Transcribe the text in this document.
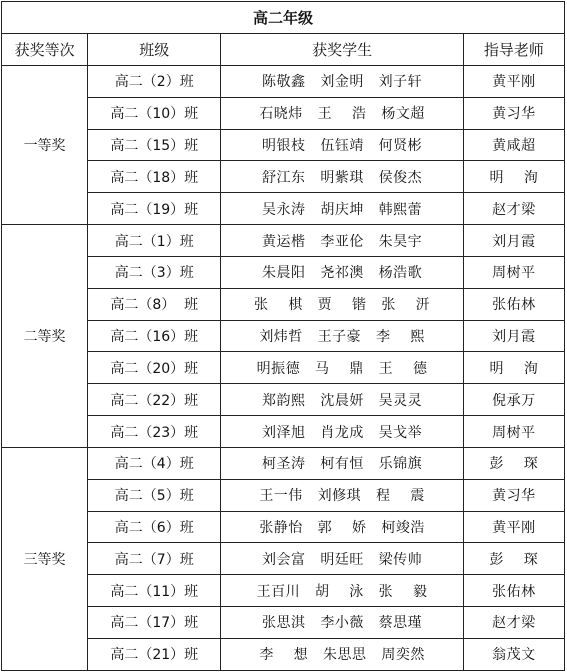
高二年级			
获奖等次	班级	获奖学生	指导老师
一等奖	高二（2）班	陈敬鑫   刘金明   刘子轩	黄平刚
	高二（10）班	石晓炜   王    浩   杨文超	黄习华
	高二（15）班	明银枝   伍钰靖   何贤彬	黄咸超
	高二（18）班	舒江东   明紫琪   侯俊杰	明    洵
	高二（19）班	吴永涛   胡庆坤   韩熙蕾	赵才梁
二等奖	高二（1）班	黄运楷   李亚伦   朱昊宇	刘月霞
	高二（3）班	朱晨阳   尧祁澳   杨浩歌	周树平
	高二（8）  班	张    棋   贾    锴   张    汧	张佑林
	高二（16）班	刘炜哲   王子豪   李    熙	刘月霞
	高二（20）班	明振德   马    鼎   王    德	明    洵
	高二（22）班	郑韵熙   沈晨妍   吴灵灵	倪承万
	高二（23）班	刘泽旭   肖龙成   吴戈举	周树平
三等奖	高二（4）班	柯圣涛   柯有恒   乐锦旗	彭    琛
	高二（5）班	王一伟   刘修琪   程    震	黄习华
	高二（6）班	张静怡   郭    娇   柯竣浩	黄平刚
	高二（7）班	刘会富   明廷旺   梁传帅	彭    琛
	高二（11）班	王百川   胡    泳   张    毅	张佑林
	高二（17）班	张思淇   李小薇   蔡思瑾	赵才梁
	高二（21）班	李    想   朱思思   周奕然	翁茂文
